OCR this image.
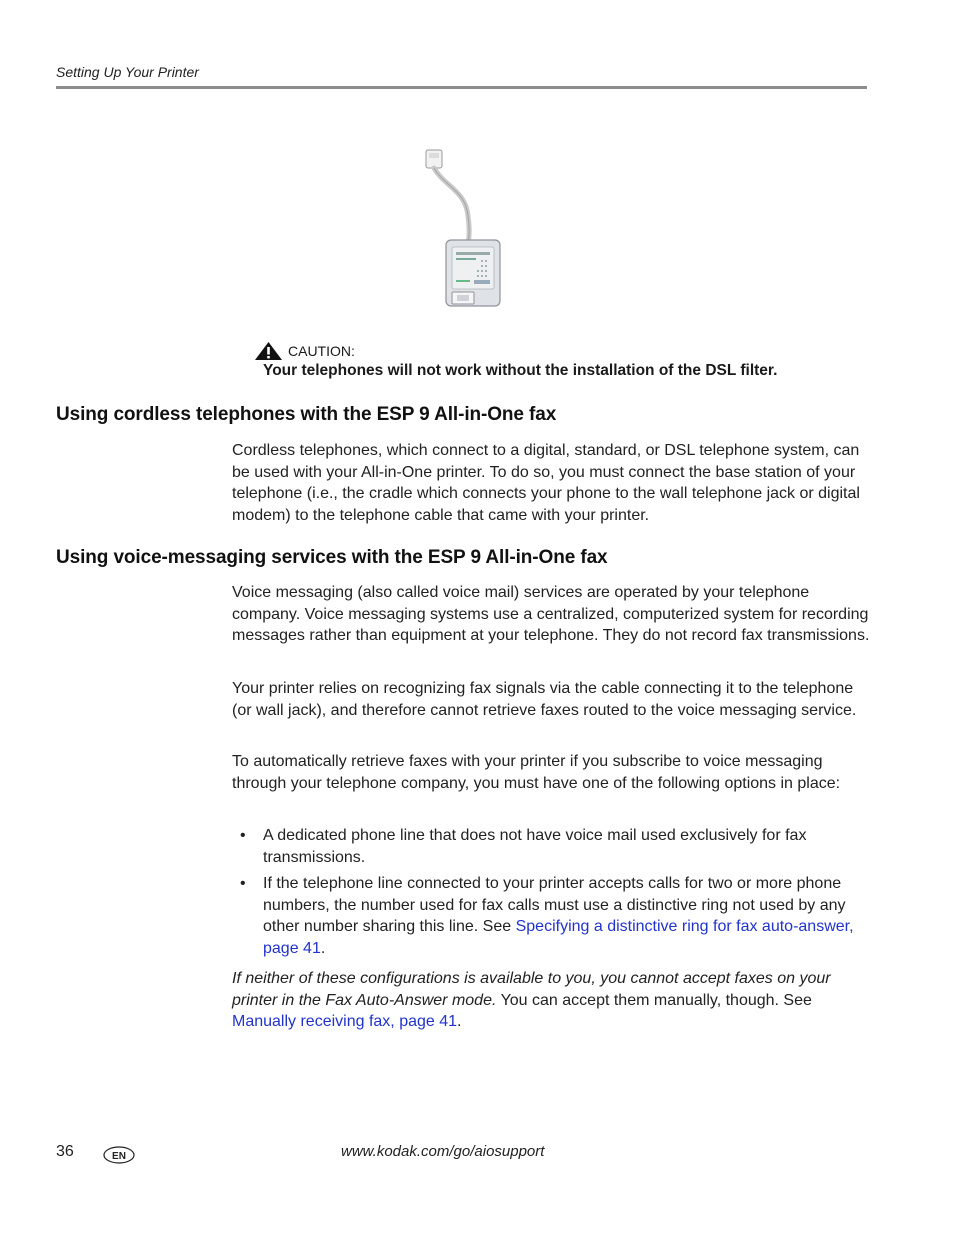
Setting Up Your Printer
CAUTION:
Your telephones will not work without the installation of the DSL filter.
Using cordless telephones with the ESP 9 All-in-One fax

Cordless telephones, which connect to a digital, standard, or DSL telephone system, can be used with your All-in-One printer. To do so, you must connect the base station of your telephone (i.e., the cradle which connects your phone to the wall telephone jack or digital modem) to the telephone cable that came with your printer.

Using voice-messaging services with the ESP 9 All-in-One fax

Voice messaging (also called voice mail) services are operated by your telephone company. Voice messaging systems use a centralized, computerized system for recording messages rather than equipment at your telephone. They do not record fax transmissions.

Your printer relies on recognizing fax signals via the cable connecting it to the telephone (or wall jack), and therefore cannot retrieve faxes routed to the voice messaging service.

To automatically retrieve faxes with your printer if you subscribe to voice messaging through your telephone company, you must have one of the following options in place:

• A dedicated phone line that does not have voice mail used exclusively for fax transmissions.
• If the telephone line connected to your printer accepts calls for two or more phone numbers, the number used for fax calls must use a distinctive ring not used by any other number sharing this line. See Specifying a distinctive ring for fax auto-answer, page 41.

If neither of these configurations is available to you, you cannot accept faxes on your printer in the Fax Auto-Answer mode. You can accept them manually, though. See Manually receiving fax, page 41.

36	EN	www.kodak.com/go/aiosupport
